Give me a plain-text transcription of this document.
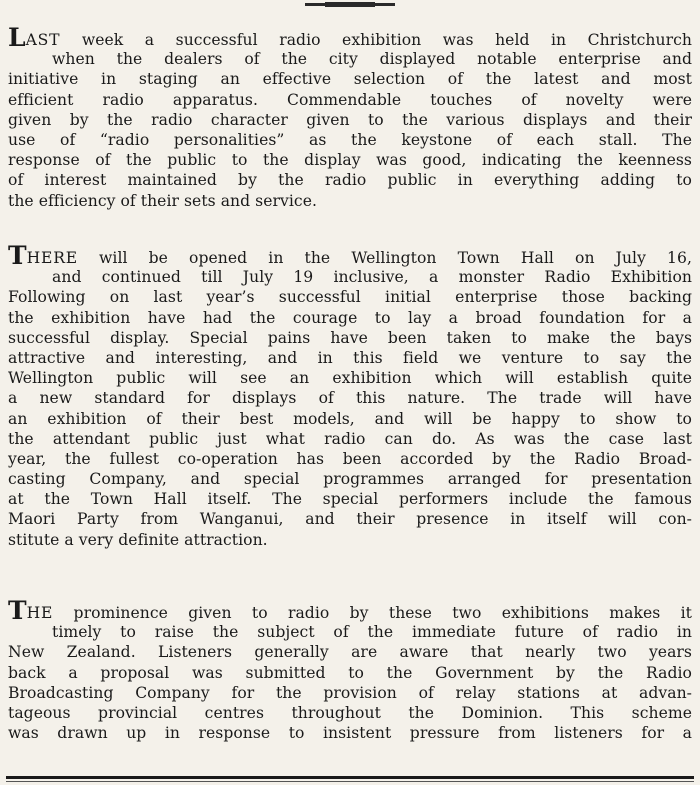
LAST week a successful radio exhibition was held in Christchurch
when the dealers of the city displayed notable enterprise and
initiative in staging an effective selection of the latest and most
efficient radio apparatus. Commendable touches of novelty were
given by the radio character given to the various displays and their
use of “radio personalities” as the keystone of each stall. The
response of the public to the display was good, indicating the keenness
of interest maintained by the radio public in everything adding to
the efficiency of their sets and service.
THERE will be opened in the Wellington Town Hall on July 16,
and continued till July 19 inclusive, a monster Radio Exhibition
Following on last year’s successful initial enterprise those backing
the exhibition have had the courage to lay a broad foundation for a
successful display. Special pains have been taken to make the bays
attractive and interesting, and in this field we venture to say the
Wellington public will see an exhibition which will establish quite
a new standard for displays of this nature. The trade will have
an exhibition of their best models, and will be happy to show to
the attendant public just what radio can do. As was the case last
year, the fullest co-operation has been accorded by the Radio Broad-
casting Company, and special programmes arranged for presentation
at the Town Hall itself. The special performers include the famous
Maori Party from Wanganui, and their presence in itself will con-
stitute a very definite attraction.
THE prominence given to radio by these two exhibitions makes it
timely to raise the subject of the immediate future of radio in
New Zealand. Listeners generally are aware that nearly two years
back a proposal was submitted to the Government by the Radio
Broadcasting Company for the provision of relay stations at advan-
tageous provincial centres throughout the Dominion. This scheme
was drawn up in response to insistent pressure from listeners for a
